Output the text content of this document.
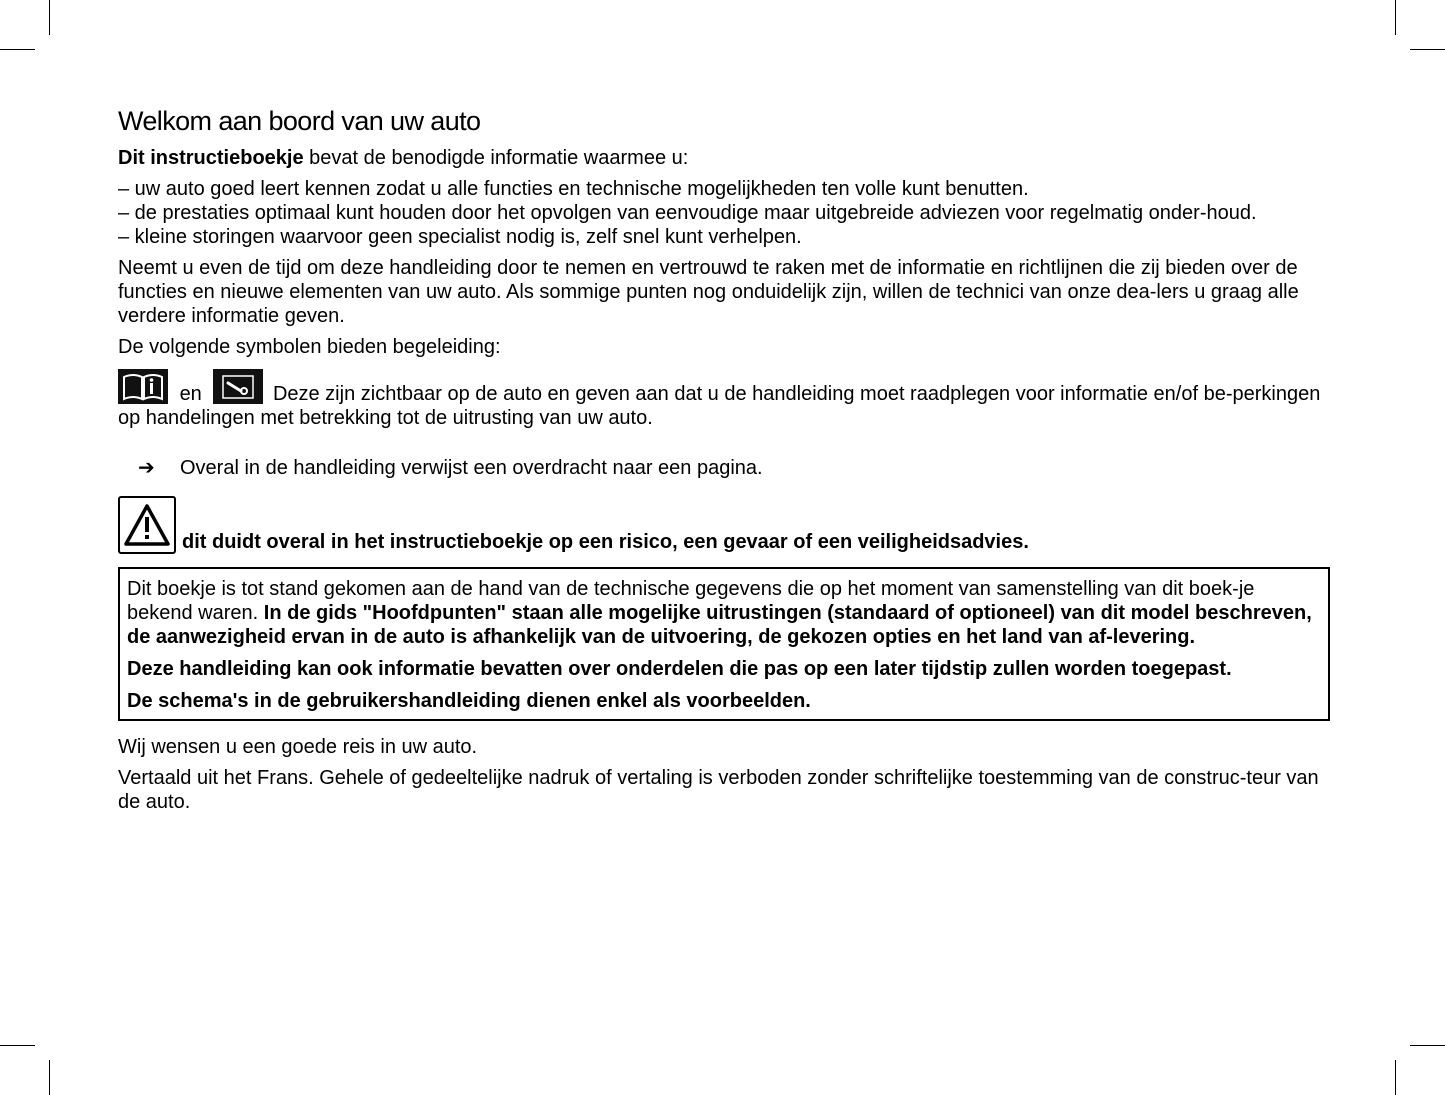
Welkom aan boord van uw auto

Dit instructieboekje bevat de benodigde informatie waarmee u:

– uw auto goed leert kennen zodat u alle functies en technische mogelijkheden ten volle kunt benutten.
– de prestaties optimaal kunt houden door het opvolgen van eenvoudige maar uitgebreide adviezen voor regelmatig onder-houd.
– kleine storingen waarvoor geen specialist nodig is, zelf snel kunt verhelpen.

Neemt u even de tijd om deze handleiding door te nemen en vertrouwd te raken met de informatie en richtlijnen die zij bieden over de functies en nieuwe elementen van uw auto. Als sommige punten nog onduidelijk zijn, willen de technici van onze dea-lers u graag alle verdere informatie geven.

De volgende symbolen bieden begeleiding:

en	Deze zijn zichtbaar op de auto en geven aan dat u de handleiding moet raadplegen voor informatie en/of be-perkingen op handelingen met betrekking tot de uitrusting van uw auto.

➔	Overal in de handleiding verwijst een overdracht naar een pagina.
dit duidt overal in het instructieboekje op een risico, een gevaar of een veiligheidsadvies.

Dit boekje is tot stand gekomen aan de hand van de technische gegevens die op het moment van samenstelling van dit boek-je bekend waren. In de gids "Hoofdpunten" staan alle mogelijke uitrustingen (standaard of optioneel) van dit model beschreven, de aanwezigheid ervan in de auto is afhankelijk van de uitvoering, de gekozen opties en het land van af-levering.

Deze handleiding kan ook informatie bevatten over onderdelen die pas op een later tijdstip zullen worden toegepast.

De schema's in de gebruikershandleiding dienen enkel als voorbeelden.

Wij wensen u een goede reis in uw auto.

Vertaald uit het Frans. Gehele of gedeeltelijke nadruk of vertaling is verboden zonder schriftelijke toestemming van de construc-teur van de auto.
